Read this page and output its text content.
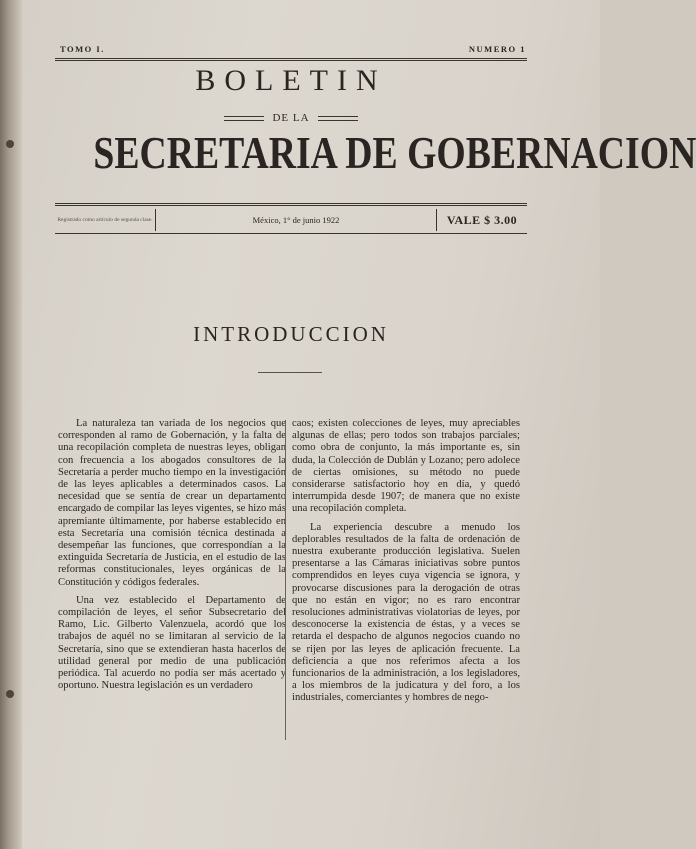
TOMO I.	NUMERO 1
BOLETIN
DE LA
SECRETARIA DE GOBERNACION
Registrado como artículo de segunda clase.	México, 1° de junio 1922	VALE $ 3.00
INTRODUCCION

La naturaleza tan variada de los negocios que corresponden al ramo de Gobernación, y la falta de una recopilación completa de nuestras leyes, obligan con frecuencia a los abogados consultores de la Secretaría a perder mucho tiempo en la investigación de las leyes aplicables a determinados casos. La necesidad que se sentía de crear un departamento encargado de compilar las leyes vigentes, se hizo más apremiante últimamente, por haberse establecido en esta Secretaría una comisión técnica destinada a desempeñar las funciones, que correspondían a la extinguida Secretaría de Justicia, en el estudio de las reformas constitucionales, leyes orgánicas de la Constitución y códigos federales.

Una vez establecido el Departamento de compilación de leyes, el señor Subsecretario del Ramo, Lic. Gilberto Valenzuela, acordó que los trabajos de aquél no se limitaran al servicio de la Secretaría, sino que se extendieran hasta hacerlos de utilidad general por medio de una publicación periódica. Tal acuerdo no podía ser más acertado y oportuno. Nuestra legislación es un verdadero

caos; existen colecciones de leyes, muy apreciables algunas de ellas; pero todos son trabajos parciales; como obra de conjunto, la más importante es, sin duda, la Colección de Dublán y Lozano; pero adolece de ciertas omisiones, su método no puede considerarse satisfactorio hoy en día, y quedó interrumpida desde 1907; de manera que no existe una recopilación completa.

La experiencia descubre a menudo los deplorables resultados de la falta de ordenación de nuestra exuberante producción legislativa. Suelen presentarse a las Cámaras iniciativas sobre puntos comprendidos en leyes cuya vigencia se ignora, y provocarse discusiones para la derogación de otras que no están en vigor; no es raro encontrar resoluciones administrativas violatorias de leyes, por desconocerse la existencia de éstas, y a veces se retarda el despacho de algunos negocios cuando no se rijen por las leyes de aplicación frecuente. La deficiencia a que nos referimos afecta a los funcionarios de la administración, a los legisladores, a los miembros de la judicatura y del foro, a los industriales, comerciantes y hombres de nego-
